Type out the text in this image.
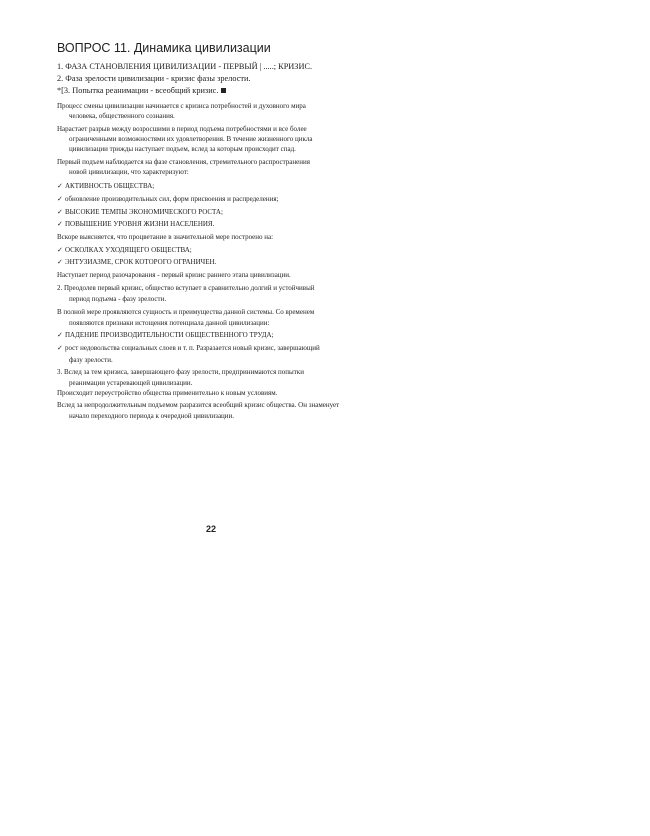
ВОПРОС 11. Динамика цивилизации
1. ФАЗА СТАНОВЛЕНИЯ ЦИВИЛИЗАЦИИ - ПЕРВЫЙ | .....; КРИЗИС.
2. Фаза зрелости цивилизации - кризис фазы зрелости.
*[3. Попытка реанимации - всеобщий кризис.
Процесс смены цивилизации начинается с кризиса потребностей и духовного мира
человека, общественного сознания.
Нарастает разрыв между возросшими в период подъема потребностями и все более
ограниченными возможностями их удовлетворения. В течение жизненного цикла
цивилизации трижды наступает подъем, вслед за которым происходит спад.
Первый подъем наблюдается на фазе становления, стремительного распространения
новой цивилизации, что характеризуют:
✓ АКТИВНОСТЬ ОБЩЕСТВА;
✓ обновление производительных сил, форм присвоения и распределения;
✓ ВЫСОКИЕ ТЕМПЫ ЭКОНОМИЧЕСКОГО РОСТА;
✓ ПОВЫШЕНИЕ УРОВНЯ ЖИЗНИ НАСЕЛЕНИЯ.
Вскоре выясняется, что процветание в значительной мере построено на:
✓ ОСКОЛКАХ УХОДЯЩЕГО ОБЩЕСТВА;
✓ ЭНТУЗИАЗМЕ, СРОК КОТОРОГО ОГРАНИЧЕН.
Наступает период разочарования - первый кризис раннего этапа цивилизации.
2. Преодолев первый кризис, общество вступает в сравнительно долгий и устойчивый
период подъема - фазу зрелости.
В полной мере проявляются сущность и преимущества данной системы. Со временем
появляются признаки истощения потенциала данной цивилизации:
✓ ПАДЕНИЕ ПРОИЗВОДИТЕЛЬНОСТИ ОБЩЕСТВЕННОГО ТРУДА;
✓ рост недовольства социальных слоев и т. п. Разразается новый кризис, завершающий
фазу зрелости.
3. Вслед за тем кризиса, завершающего фазу зрелости, предпринимаются попытки
реанимации устаревающей цивилизации.
Происходит переустройство общества применительно к новым условиям.
Вслед за непродолжительным подъемом разразится всеобщий кризис общества. Он знаменует
начало переходного периода к очередной цивилизации.
22
